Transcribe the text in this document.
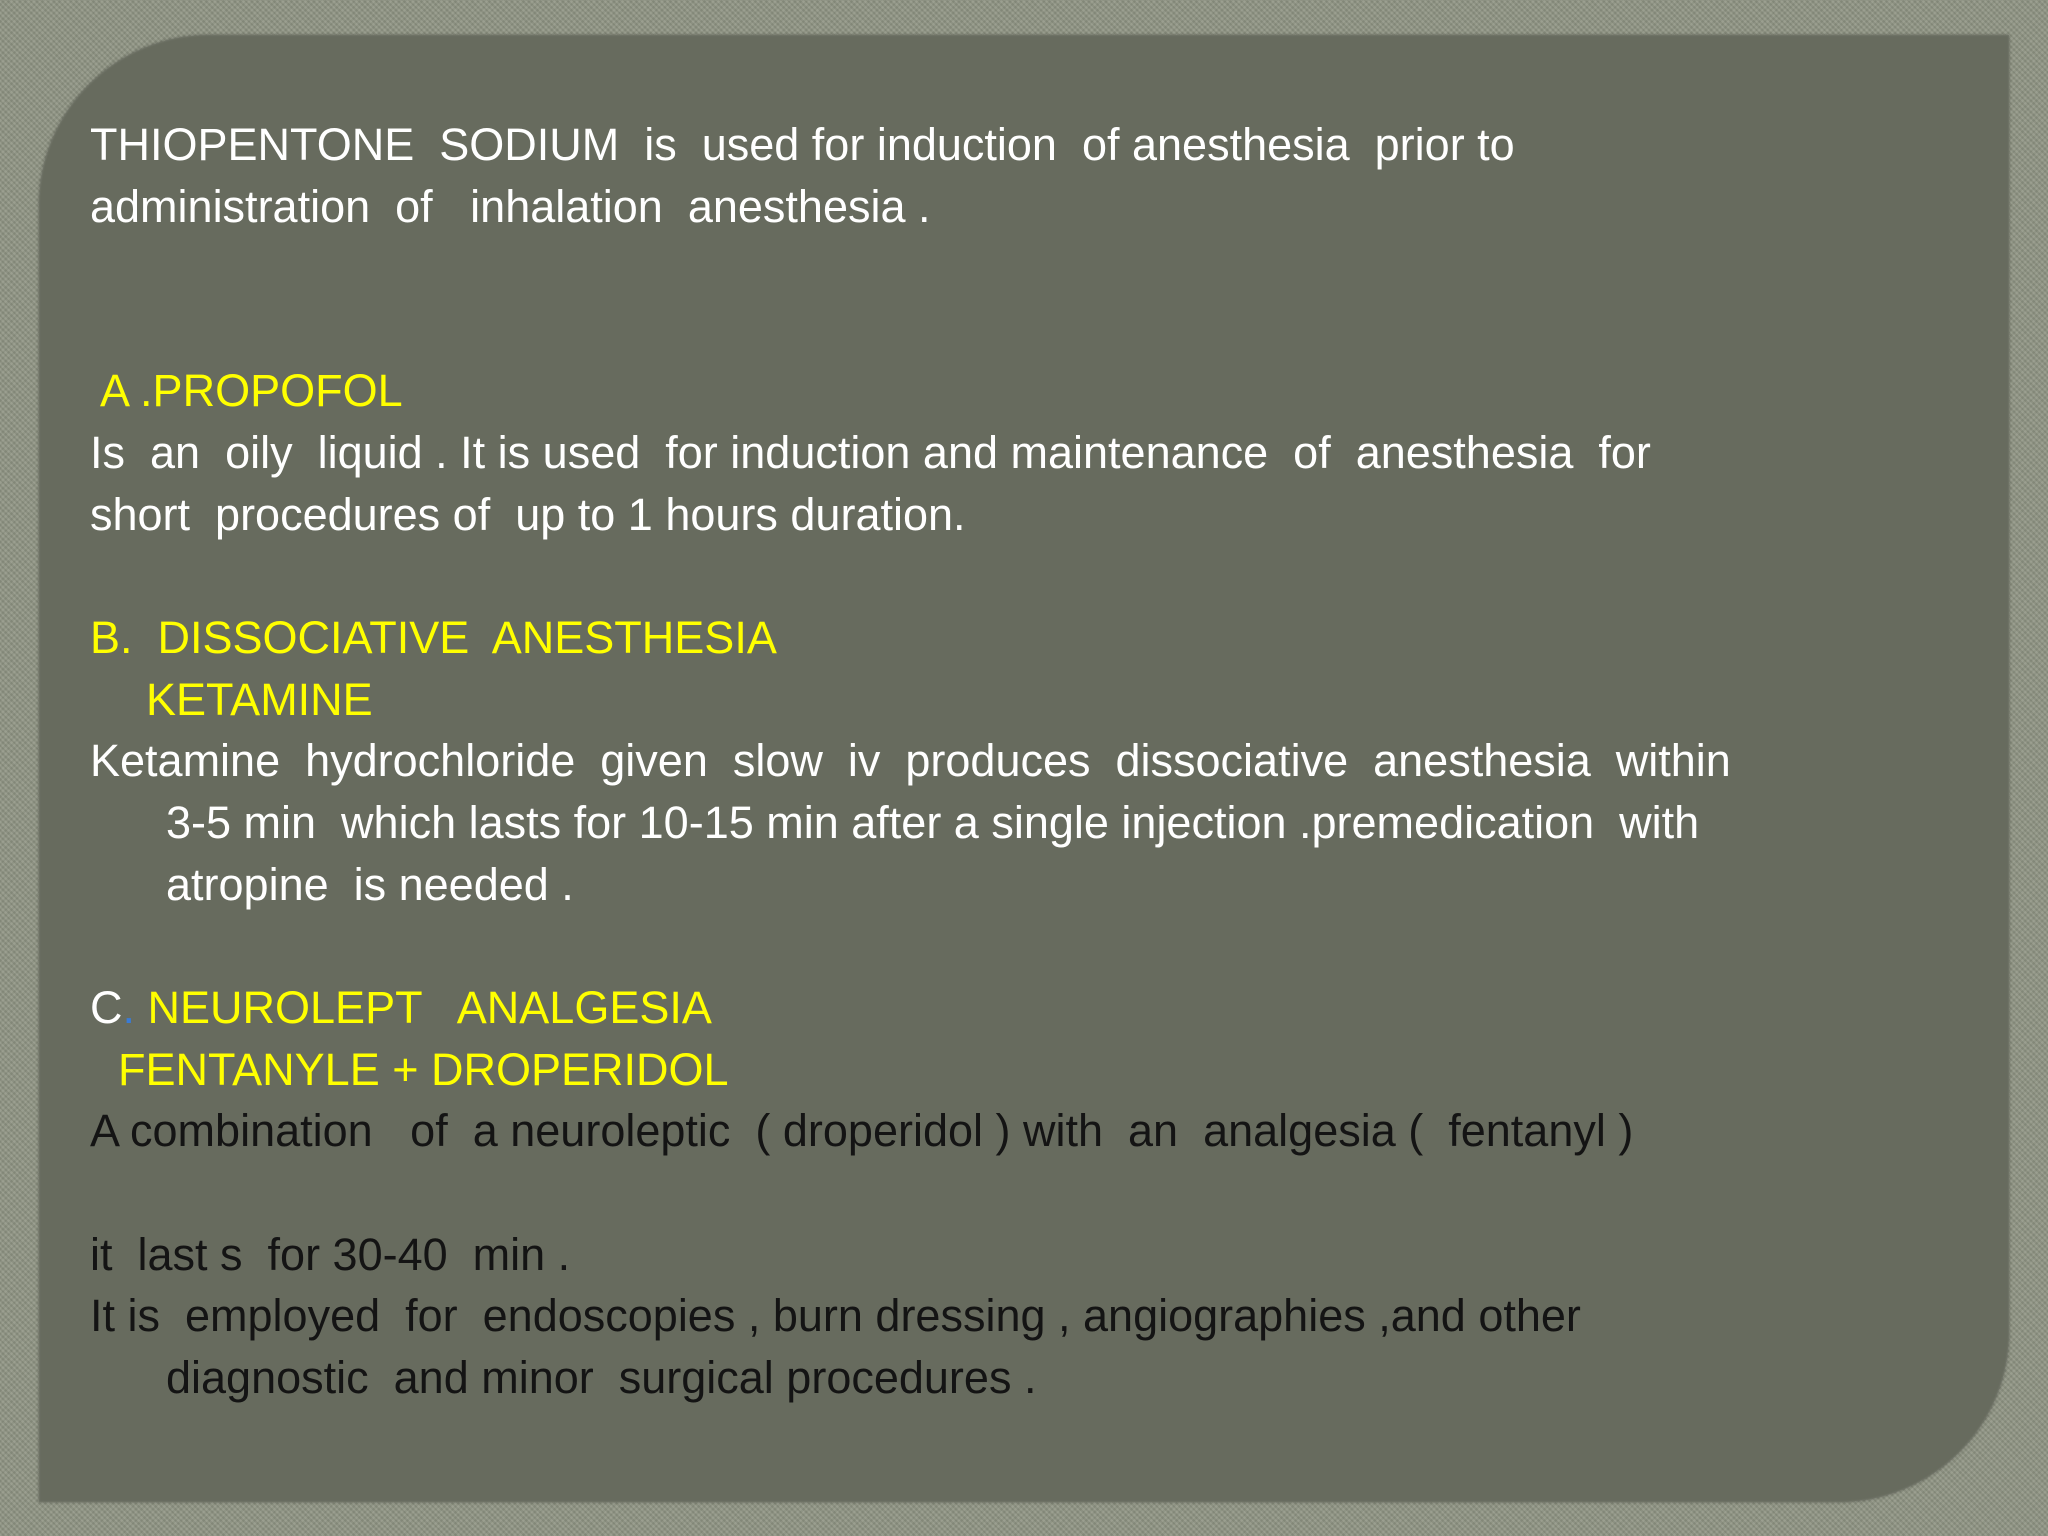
THIOPENTONE  SODIUM  is  used for induction  of anesthesia  prior to

administration  of   inhalation  anesthesia .

A .PROPOFOL

Is  an  oily  liquid . It is used  for induction and maintenance  of  anesthesia  for

short  procedures of  up to 1 hours duration.

B.  DISSOCIATIVE  ANESTHESIA

KETAMINE

Ketamine  hydrochloride  given  slow  iv  produces  dissociative  anesthesia  within

3-5 min  which lasts for 10-15 min after a single injection .premedication  with

atropine  is needed .

C. NEUROLEPT   ANALGESIA

FENTANYLE + DROPERIDOL

A combination   of  a neuroleptic  ( droperidol ) with  an  analgesia (  fentanyl )

it  last s  for 30-40  min .

It is  employed  for  endoscopies , burn dressing , angiographies ,and other

diagnostic  and minor  surgical procedures .
